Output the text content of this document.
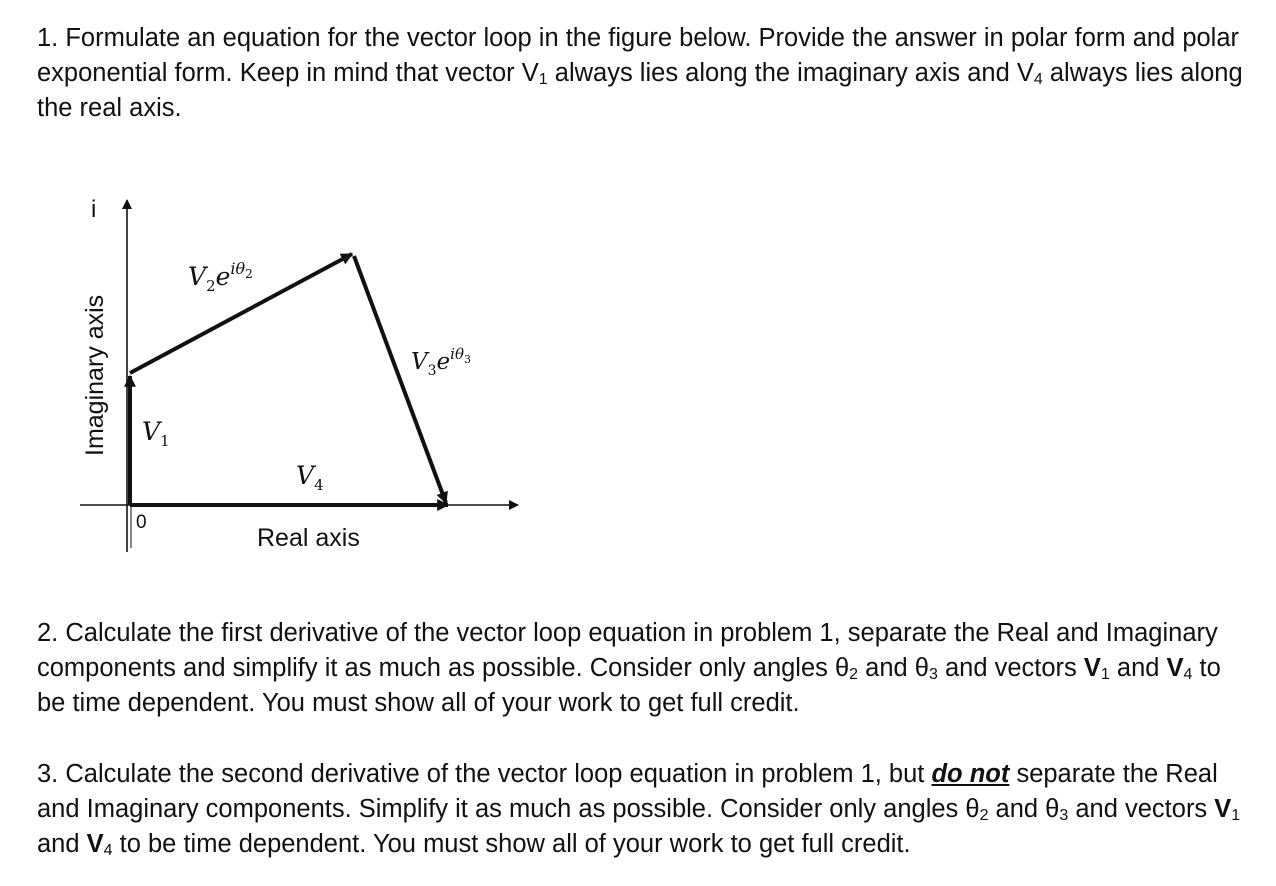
1. Formulate an equation for the vector loop in the figure below. Provide the answer in polar form and polar exponential form. Keep in mind that vector $V_1$ always lies along the imaginary axis and $V_4$ always lies along the real axis.

i
Imaginary axis
Real axis
0
$V_1$
$V_2e^{i\theta}2$
$V_3e^{i\theta}3$
$V_4$

2. Calculate the first derivative of the vector loop equation in problem 1, separate the Real and Imaginary components and simplify it as much as possible. Consider only angles $\theta_2$ and $\theta_3$ and vectors $V_1$ and $V_4$ to be time dependent. You must show all of your work to get full credit.

3. Calculate the second derivative of the vector loop equation in problem 1, but do not separate the Real and Imaginary components. Simplify it as much as possible. Consider only angles $\theta_2$ and $\theta_3$ and vectors $V_1$ and $V_4$ to be time dependent. You must show all of your work to get full credit.
